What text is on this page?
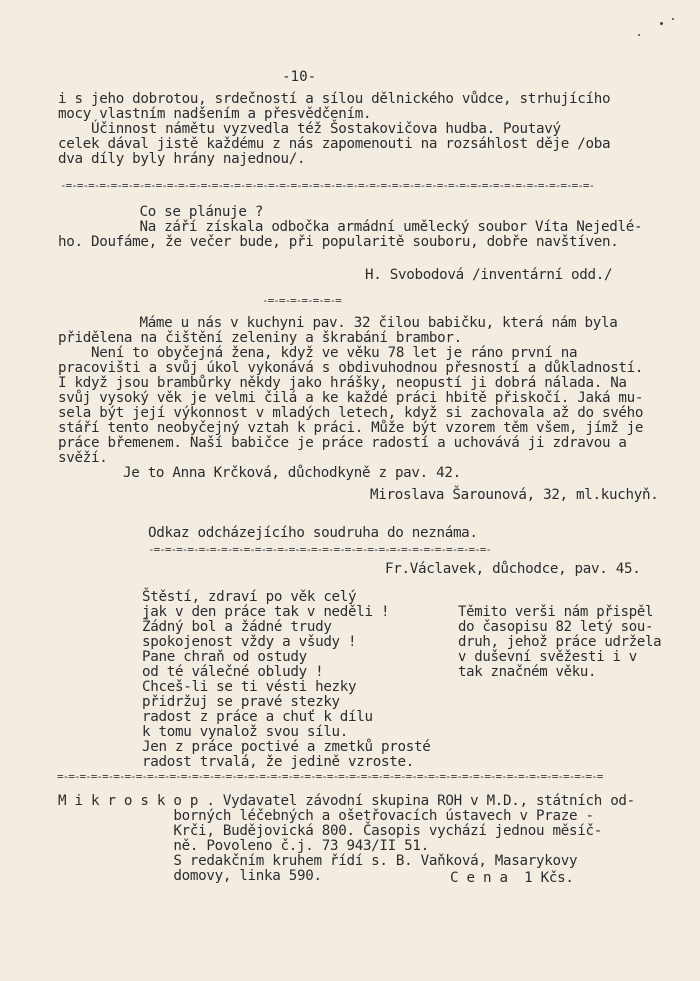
-10-
i s jeho dobrotou, srdečností a sílou dělnického vůdce, strhujícího
mocy vlastním nadšením a přesvědčením.
Účinnost námětu vyzvedla též Šostakovičova hudba. Poutavý
celek dával jistě každému z nás zapomenouti na rozsáhlost děje /oba
dva díly byly hrány najednou/.
-=-=-=-=-=-=-=-=-=-=-=-=-=-=-=-=-=-=-=-=-=-=-=-=-=-=-=-=-=-=-=-=-=-=-=-=-=-=-=-=-=-=-=-=-=-=-=-
Co se plánuje ?
Na září získala odbočka armádní umělecký soubor Víta Nejedlé-
ho. Doufáme, že večer bude, při popularitě souboru, dobře navštíven.
H. Svobodová /inventární odd./
-=-=-=-=-=-=-=
Máme u nás v kuchyni pav. 32 čilou babičku, která nám byla
přidělena na čištění zeleniny a škrabání brambor.
Není to obyčejná žena, když ve věku 78 let je ráno první na
pracovišti a svůj úkol vykonává s obdivuhodnou přesností a důkladností.
I když jsou brambůrky někdy jako hrášky, neopustí ji dobrá nálada. Na
svůj vysoký věk je velmi čilá a ke každé práci hbitě přiskočí. Jaká mu-
sela být její výkonnost v mladých letech, když si zachovala až do svého
stáří tento neobyčejný vztah k práci. Může být vzorem těm všem, jímž je
práce břemenem. Naší babičce je práce radostí a uchovává ji zdravou a
svěží.
Je to Anna Krčková, důchodkyně z pav. 42.
Miroslava Šarounová, 32, ml.kuchyň.
Odkaz odcházejícího soudruha do neznáma.
-=-=-=-=-=-=-=-=-=-=-=-=-=-=-=-=-=-=-=-=-=-=-=-=-=-=-=-=-=-=-
Fr.Václavek, důchodce, pav. 45.
Štěstí, zdraví po věk celý
jak v den práce tak v neděli !
Žádný bol a žádné trudy
spokojenost vždy a všudy !
Pane chraň od ostudy
od té válečné obludy !
Chceš-li se ti vésti hezky
přidržuj se pravé stezky
radost z práce a chuť k dílu
k tomu vynalož svou sílu.
Jen z práce poctivé a zmetků prosté
radost trvalá, že jedině vzroste.
Těmito verši nám přispěl
do časopisu 82 letý sou-
druh, jehož práce udržela
v duševní svěžesti i v
tak značném věku.
=-=-=-=-=-=-=-=-=-=-=-=-=-=-=-=-=-=-=-=-=-=-=-=-=-=-=-=-=-=-=-=-=-=-=-=-=-=-=-=-=-=-=-=-=-=-=-=-=
M i k r o s k o p . Vydavatel závodní skupina ROH v M.D., státních od-
borných léčebných a ošetřovacích ústavech v Praze -
Krči, Budějovická 800. Časopis vychází jednou měsíč-
ně. Povoleno č.j. 73 943/II 51.
S redakčním kruhem řídí s. B. Vaňková, Masarykovy
domovy, linka 590.	C e n a  1 Kčs.
